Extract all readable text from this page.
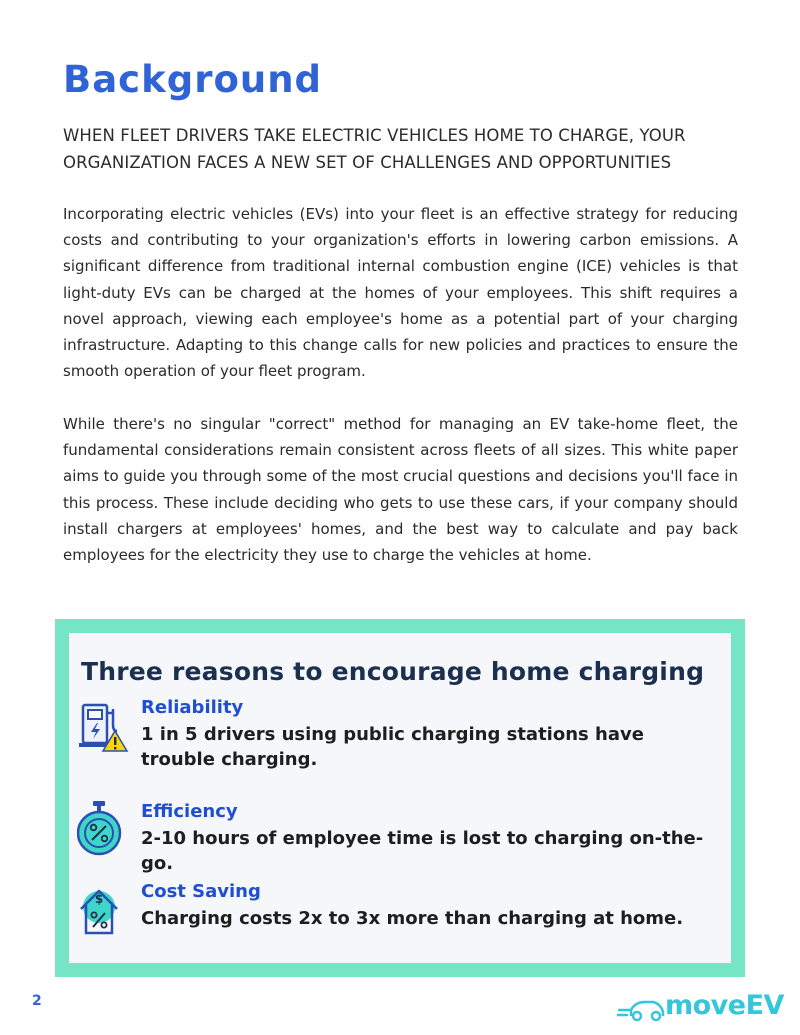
Background

WHEN FLEET DRIVERS TAKE ELECTRIC VEHICLES HOME TO CHARGE, YOUR ORGANIZATION FACES A NEW SET OF CHALLENGES AND OPPORTUNITIES

Incorporating electric vehicles (EVs) into your fleet is an effective strategy for reducing costs and contributing to your organization's efforts in lowering carbon emissions. A significant difference from traditional internal combustion engine (ICE) vehicles is that light-duty EVs can be charged at the homes of your employees. This shift requires a novel approach, viewing each employee's home as a potential part of your charging infrastructure. Adapting to this change calls for new policies and practices to ensure the smooth operation of your fleet program.

While there's no singular "correct" method for managing an EV take-home fleet, the fundamental considerations remain consistent across fleets of all sizes. This white paper aims to guide you through some of the most crucial questions and decisions you'll face in this process. These include deciding who gets to use these cars, if your company should install chargers at employees' homes, and the best way to calculate and pay back employees for the electricity they use to charge the vehicles at home.

Three reasons to encourage home charging

Reliability

1 in 5 drivers using public charging stations have trouble charging.

Efficiency

2-10 hours of employee time is lost to charging on-the-go.

$ Cost Saving

Charging costs 2x to 3x more than charging at home.

2	moveEV
